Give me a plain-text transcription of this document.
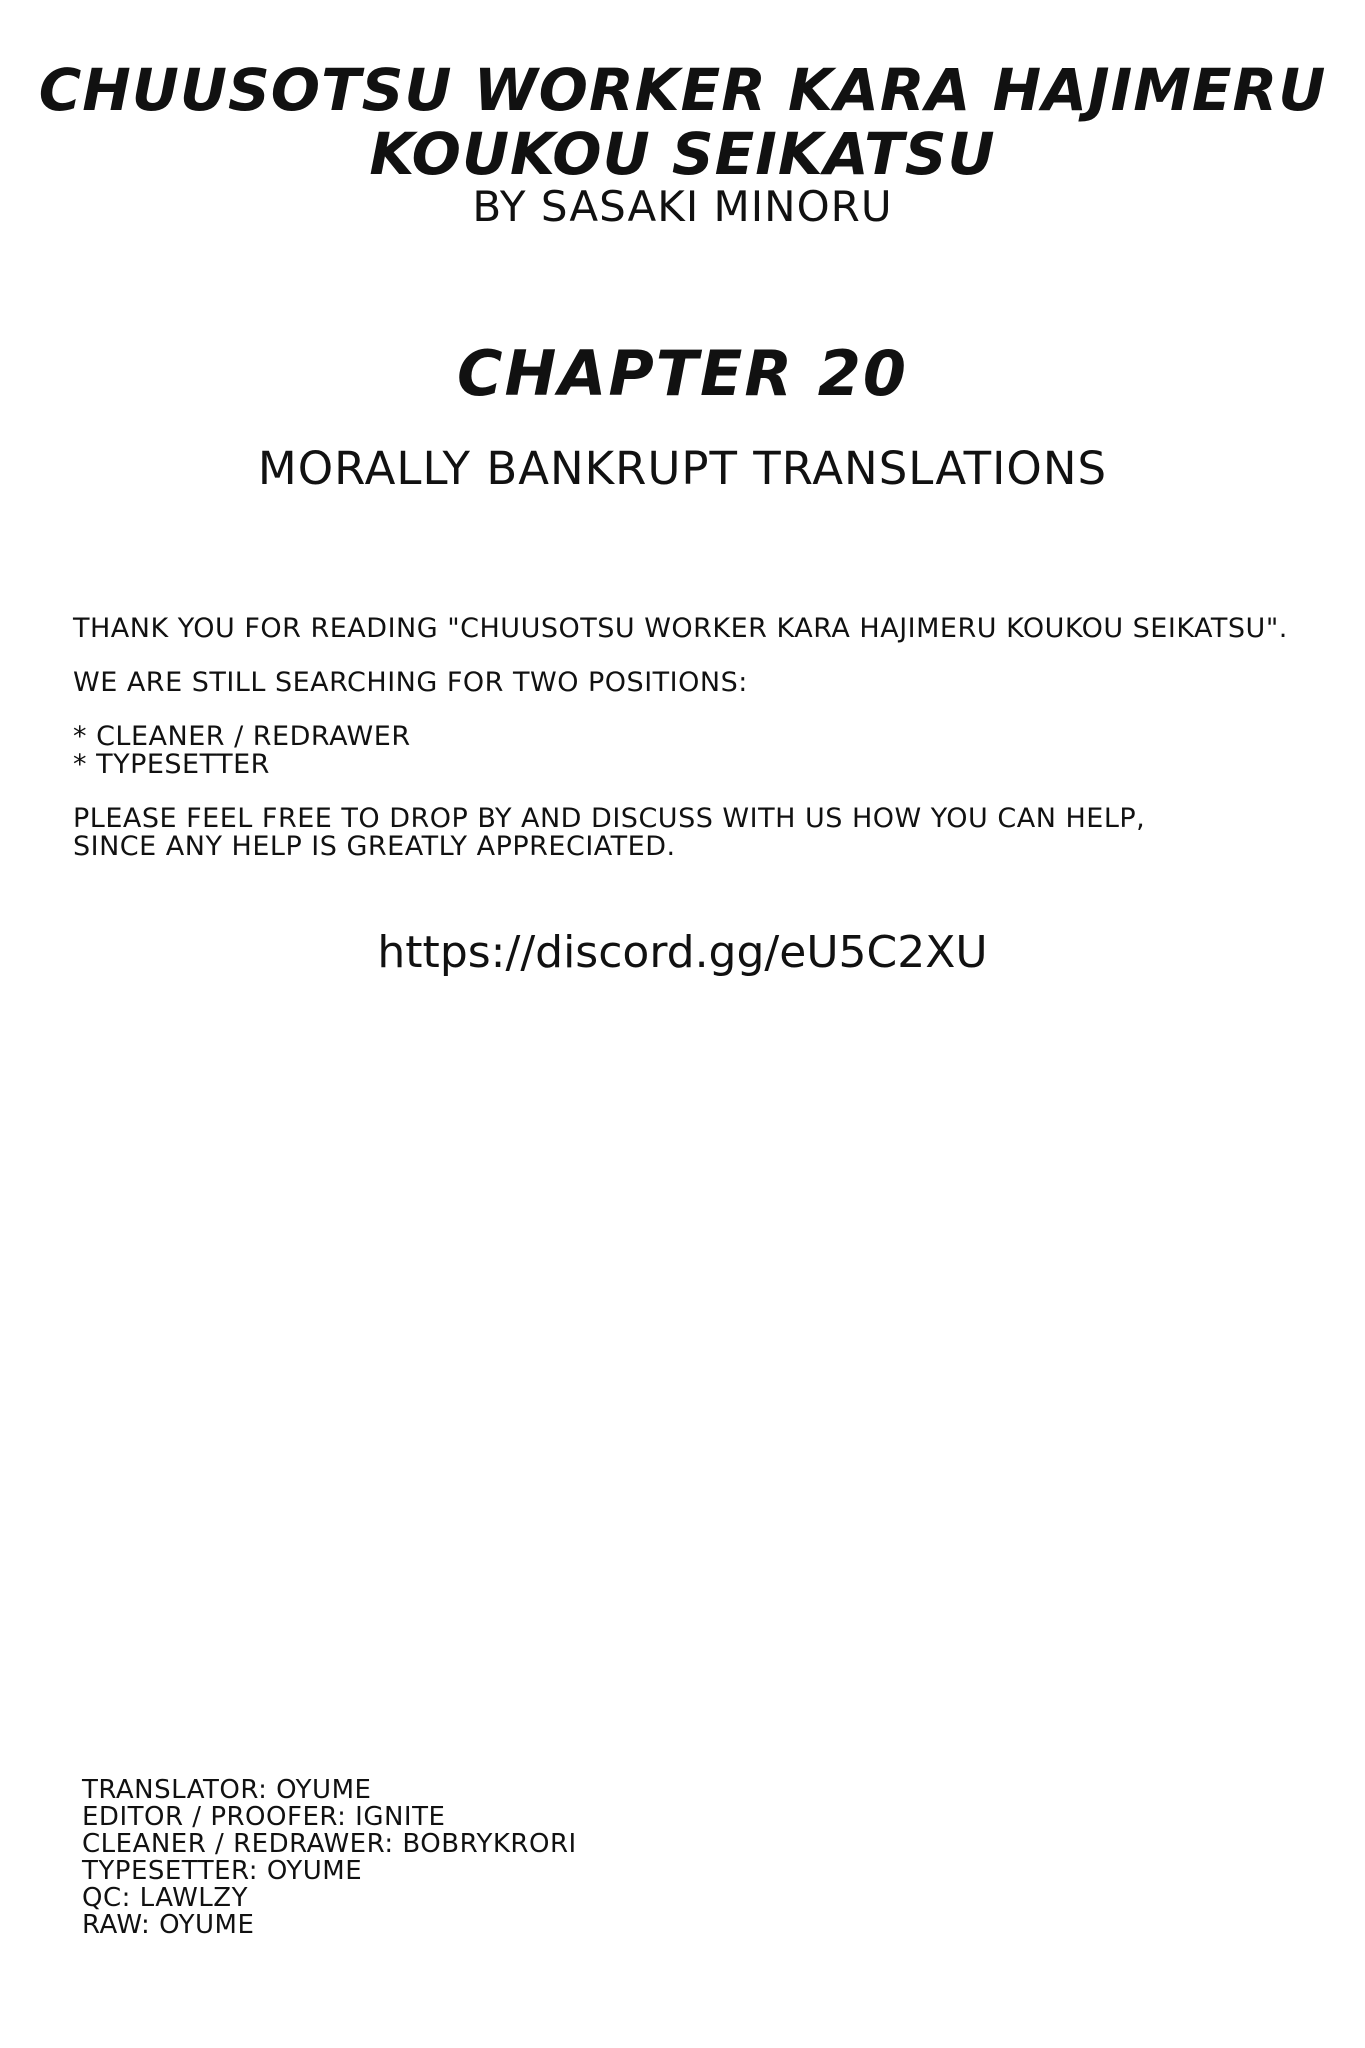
CHUUSOTSU WORKER KARA HAJIMERU
KOUKOU SEIKATSU
BY SASAKI MINORU
CHAPTER 20
MORALLY BANKRUPT TRANSLATIONS

THANK YOU FOR READING "CHUUSOTSU WORKER KARA HAJIMERU KOUKOU SEIKATSU".

WE ARE STILL SEARCHING FOR TWO POSITIONS:

* CLEANER / REDRAWER
* TYPESETTER

PLEASE FEEL FREE TO DROP BY AND DISCUSS WITH US HOW YOU CAN HELP,
SINCE ANY HELP IS GREATLY APPRECIATED.

https://discord.gg/eU5C2XU
TRANSLATOR: OYUME
EDITOR / PROOFER: IGNITE
CLEANER / REDRAWER: BOBRYKRORI
TYPESETTER: OYUME
QC: LAWLZY
RAW: OYUME
